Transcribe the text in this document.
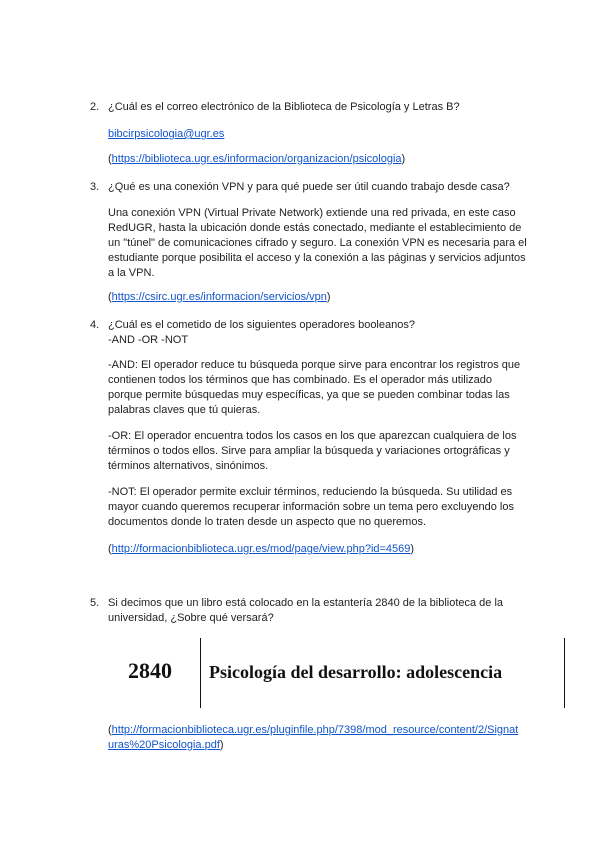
2. ¿Cuál es el correo electrónico de la Biblioteca de Psicología y Letras B?

bibcirpsicologia@ugr.es

(https://biblioteca.ugr.es/informacion/organizacion/psicologia)

3. ¿Qué es una conexión VPN y para qué puede ser útil cuando trabajo desde casa?

Una conexión VPN (Virtual Private Network) extiende una red privada, en este caso RedUGR, hasta la ubicación donde estás conectado, mediante el establecimiento de un "túnel" de comunicaciones cifrado y seguro. La conexión VPN es necesaria para el estudiante porque posibilita el acceso y la conexión a las páginas y servicios adjuntos a la VPN.

(https://csirc.ugr.es/informacion/servicios/vpn)

4. ¿Cuál es el cometido de los siguientes operadores booleanos?

-AND -OR -NOT

-AND: El operador reduce tu búsqueda porque sirve para encontrar los registros que contienen todos los términos que has combinado. Es el operador más utilizado porque permite búsquedas muy específicas, ya que se pueden combinar todas las palabras claves que tú quieras.

-OR: El operador encuentra todos los casos en los que aparezcan cualquiera de los términos o todos ellos. Sirve para ampliar la búsqueda y variaciones ortográficas y términos alternativos, sinónimos.

-NOT: El operador permite excluir términos, reduciendo la búsqueda. Su utilidad es mayor cuando queremos recuperar información sobre un tema pero excluyendo los documentos donde lo traten desde un aspecto que no queremos.

(http://formacionbiblioteca.ugr.es/mod/page/view.php?id=4569)

5. Si decimos que un libro está colocado en la estantería 2840 de la biblioteca de la universidad, ¿Sobre qué versará?
2840 Psicología del desarrollo: adolescencia

(http://formacionbiblioteca.ugr.es/pluginfile.php/7398/mod_resource/content/2/Signat

uras%20Psicologia.pdf)
